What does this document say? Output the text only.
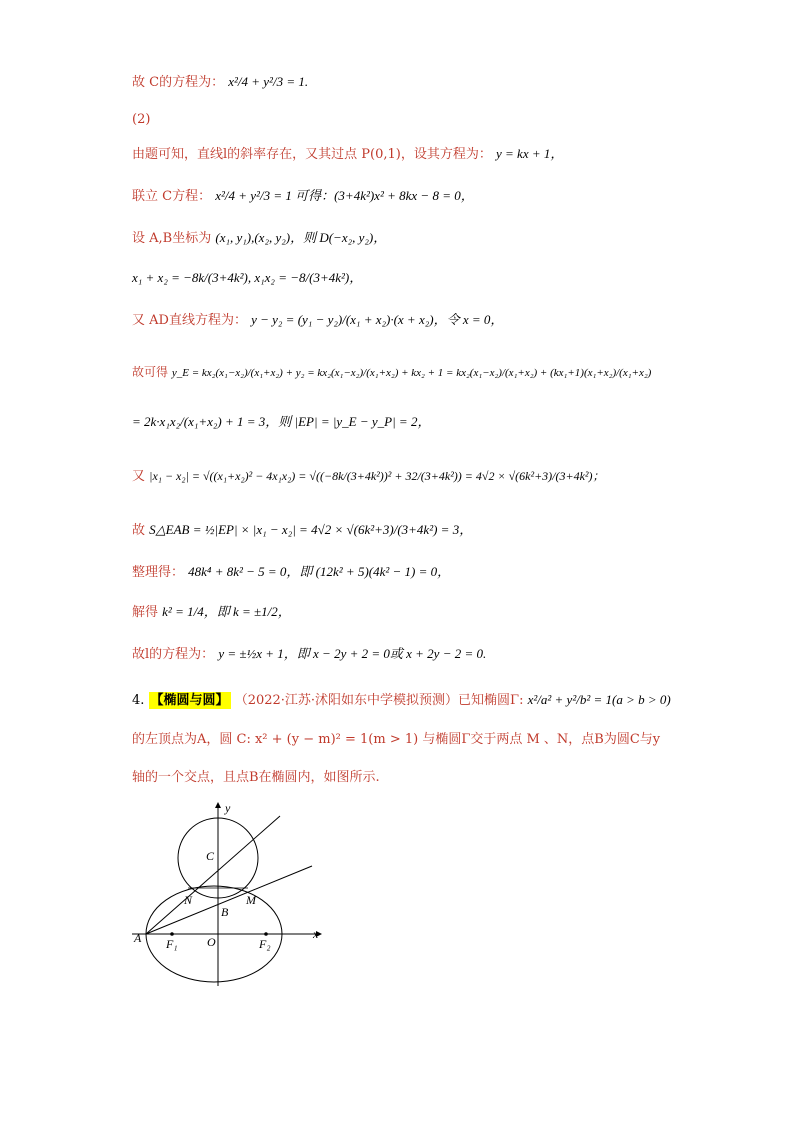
故 C的方程为： x²/4 + y²/3 = 1.
(2)
由题可知，直线l的斜率存在，又其过点 P(0,1)，设其方程为： y = kx + 1，
联立 C方程： x²/4 + y²/3 = 1 可得：(3+4k²)x² + 8kx − 8 = 0，
设 A,B坐标为 (x₁, y₁),(x₂, y₂)，则 D(−x₂, y₂)，
x₁ + x₂ = −8k/(3+4k²), x₁x₂ = −8/(3+4k²)，
又 AD直线方程为： y − y₂ = (y₁ − y₂)/(x₁ + x₂)·(x + x₂)，令 x = 0，
故可得 y_E = kx₂(x₁−x₂)/(x₁+x₂) + y₂ = kx₂(x₁−x₂)/(x₁+x₂) + kx₂ + 1 = kx₂(x₁−x₂)/(x₁+x₂) + (kx₁+1)(x₁+x₂)/(x₁+x₂)
= 2k·x₁x₂/(x₁+x₂) + 1 = 3，则 |EP| = |y_E − y_P| = 2，
又 |x₁ − x₂| = √((x₁+x₂)² − 4x₁x₂) = √((−8k/(3+4k²))² + 32/(3+4k²)) = 4√2 × √(6k²+3)/(3+4k²)；
故 S△EAB = ½|EP| × |x₁ − x₂| = 4√2 × √(6k²+3)/(3+4k²) = 3，
整理得： 48k⁴ + 8k² − 5 = 0，即 (12k² + 5)(4k² − 1) = 0，
解得 k² = 1/4，即 k = ±1/2，
故l的方程为： y = ±½x + 1，即 x − 2y + 2 = 0或 x + 2y − 2 = 0.
4. 【椭圆与圆】 （2022·江苏·沭阳如东中学模拟预测）已知椭圆Γ: x²/a² + y²/b² = 1(a > b > 0)
的左顶点为A，圆 C: x² + (y − m)² = 1(m > 1) 与椭圆Γ交于两点 M 、N，点B为圆C与y
轴的一个交点，且点B在椭圆内，如图所示.
y
x
C
N	M
B
A F₁ O	F₂
